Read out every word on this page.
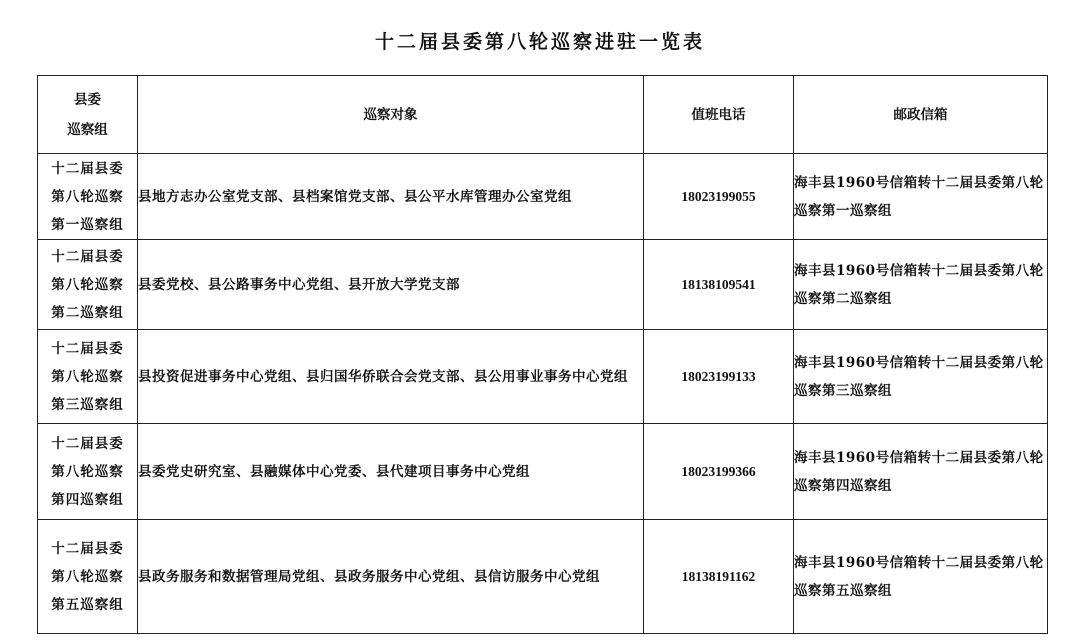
十二届县委第八轮巡察进驻一览表
县委
巡察组	巡察对象	值班电话	邮政信箱

十二届县委
第八轮巡察
第一巡察组	县地方志办公室党支部、县档案馆党支部、县公平水库管理办公室党组	18023199055	海丰县1960号信箱转十二届县委第八轮巡察第一巡察组

十二届县委
第八轮巡察
第二巡察组	县委党校、县公路事务中心党组、县开放大学党支部	18138109541	海丰县1960号信箱转十二届县委第八轮巡察第二巡察组

十二届县委
第八轮巡察
第三巡察组	县投资促进事务中心党组、县归国华侨联合会党支部、县公用事业事务中心党组	18023199133	海丰县1960号信箱转十二届县委第八轮巡察第三巡察组

十二届县委
第八轮巡察
第四巡察组	县委党史研究室、县融媒体中心党委、县代建项目事务中心党组	18023199366	海丰县1960号信箱转十二届县委第八轮巡察第四巡察组

十二届县委
第八轮巡察
第五巡察组	县政务服务和数据管理局党组、县政务服务中心党组、县信访服务中心党组	18138191162	海丰县1960号信箱转十二届县委第八轮巡察第五巡察组
